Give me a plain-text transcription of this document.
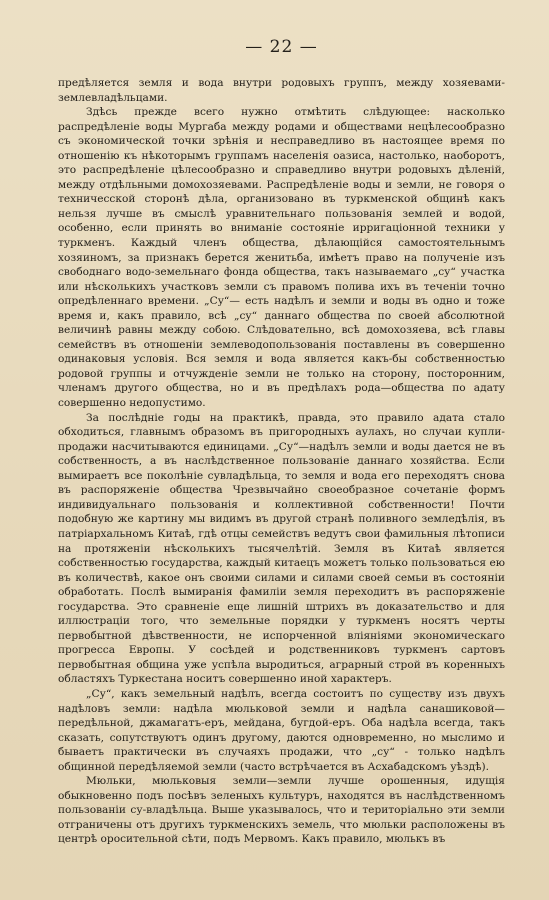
— 22 —

предѣляется земля и вода внутри родовыхъ группъ, между хозяевами-землевладѣльцами.

Здѣсь прежде всего нужно отмѣтить слѣдующее: насколько распредѣленіе воды Мургаба между родами и обществами нецѣлесообразно съ экономической точки зрѣнія и несправедливо въ настоящее время по отношенію къ нѣкоторымъ группамъ населенія оазиса, настолько, наоборотъ, это распредѣленіе цѣлесообразно и справедливо внутри родовыхъ дѣленій, между отдѣльными домохозяевами. Распредѣленіе воды и земли, не говоря о техничесской сторонѣ дѣла, организовано въ туркменской общинѣ какъ нельзя лучше въ смыслѣ уравнительнаго пользованія землей и водой, особенно, если принять во вниманіе состояніе ирригаціонной техники у туркменъ. Каждый членъ общества, дѣлающійся самостоятельнымъ хозяиномъ, за признакъ берется женитьба, имѣетъ право на полученіе изъ свободнаго водо-земельнаго фонда общества, такъ называемаго „су“ участка или нѣсколькихъ участковъ земли съ правомъ полива ихъ въ теченіи точно опредѣленнаго времени. „Су“— есть надѣлъ и земли и воды въ одно и тоже время и, какъ правило, всѣ „су“ даннаго общества по своей абсолютной величинѣ равны между собою. Слѣдовательно, всѣ домохозяева, всѣ главы семействъ въ отношеніи землеводопользованія поставлены въ совершенно одинаковыя условія. Вся земля и вода является какъ-бы собственностью родовой группы и отчужденіе земли не только на сторону, посторонним, членамъ другого общества, но и въ предѣлахъ рода—общества по адату совершенно недопустимо.

За послѣдніе годы на практикѣ, правда, это правило адата стало обходиться, главнымъ образомъ въ пригородныхъ аулахъ, но случаи купли-продажи насчитываются единицами. „Су“—надѣлъ земли и воды дается не въ собственность, а въ наслѣдственное пользованіе даннаго хозяйства. Если вымираетъ все поколѣніе сувладѣльца, то земля и вода его переходятъ снова въ распоряженіе общества Чрезвычайно своеобразное сочетаніе формъ индивидуальнаго пользованія и коллективной собственности! Почти подобную же картину мы видимъ въ другой странѣ поливного земледѣлія, въ патріархальномъ Китаѣ, гдѣ отцы семействъ ведутъ свои фамильныя лѣтописи на протяженіи нѣсколькихъ тысячелѣтій. Земля въ Китаѣ является собственностью государства, каждый китаецъ можетъ только пользоваться ею въ количествѣ, какое онъ своими силами и силами своей семьи въ состояніи обработать. Послѣ вымиранія фамиліи земля переходитъ въ распоряженіе государства. Это сравненіе еще лишній штрихъ въ доказательство и для иллюстраціи того, что земельные порядки у туркменъ носятъ черты первобытной дѣвственности, не испорченной вліяніями экономическаго прогресса Европы. У сосѣдей и родственниковъ туркменъ сартовъ первобытная община уже успѣла выродиться, аграрный строй въ коренныхъ областяхъ Туркестана носитъ совершенно иной характеръ.

„Су“, какъ земельный надѣлъ, всегда состоитъ по существу изъ двухъ надѣловъ земли: надѣла мюльковой земли и надѣла санашиковой—передѣльной, джамагатъ-еръ, мейдана, бугдой-еръ. Оба надѣла всегда, такъ сказать, сопутствуютъ одинъ другому, даются одновременно, но мыслимо и бываетъ практически въ случаяхъ продажи, что „су“ - только надѣлъ общинной передѣляемой земли (часто встрѣчается въ Асхабадскомъ уѣздѣ).

Мюльки, мюльковыя земли—земли лучше орошенныя, идущія обыкновенно подъ посѣвъ зеленыхъ культуръ, находятся въ наслѣдственномъ пользованіи су-владѣльца. Выше указывалось, что и територіально эти земли отграничены отъ другихъ туркменскихъ земель, что мюльки расположены въ центрѣ оросительной сѣти, подъ Мервомъ. Какъ правило, мюлькъ въ
